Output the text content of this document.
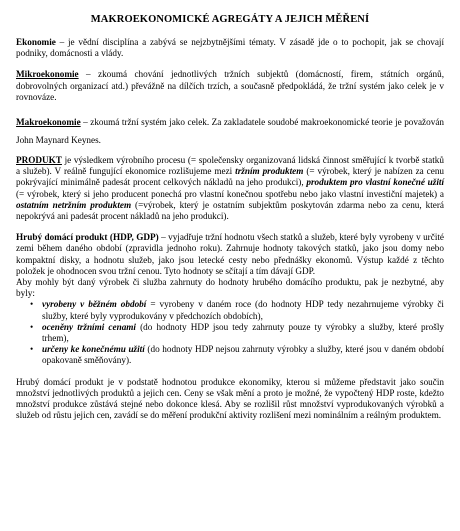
MAKROEKONOMICKÉ AGREGÁTY A JEJICH MĚŘENÍ

Ekonomie – je vědní disciplína a zabývá se nejzbytnějšími tématy. V zásadě jde o to pochopit, jak se chovají podniky, domácnosti a vlády.

Mikroekonomie – zkoumá chování jednotlivých tržních subjektů (domácností, firem, státních orgánů, dobrovolných organizací atd.) převážně na dílčích trzích, a současně předpokládá, že tržní systém jako celek je v rovnováze.

Makroekonomie – zkoumá tržní systém jako celek. Za zakladatele soudobé makroekonomické teorie je považován John Maynard Keynes.

PRODUKT je výsledkem výrobního procesu (= společensky organizovaná lidská činnost směřující k tvorbě statků a služeb). V reálně fungující ekonomice rozlišujeme mezi tržním produktem (= výrobek, který je nabízen za cenu pokrývající minimálně padesát procent celkových nákladů na jeho produkci), produktem pro vlastní konečné užití (= výrobek, který si jeho producent ponechá pro vlastní konečnou spotřebu nebo jako vlastní investiční majetek) a ostatním netržním produktem (=výrobek, který je ostatním subjektům poskytován zdarma nebo za cenu, která nepokrývá ani padesát procent nákladů na jeho produkci).

Hrubý domácí produkt (HDP, GDP) – vyjadřuje tržní hodnotu všech statků a služeb, které byly vyrobeny v určité zemi během daného období (zpravidla jednoho roku). Zahrnuje hodnoty takových statků, jako jsou domy nebo kompaktní disky, a hodnotu služeb, jako jsou letecké cesty nebo přednášky ekonomů. Výstup každé z těchto položek je ohodnocen svou tržní cenou. Tyto hodnoty se sčítají a tím dávají GDP.

Aby mohly být daný výrobek či služba zahrnuty do hodnoty hrubého domácího produktu, pak je nezbytné, aby byly:

• vyrobeny v běžném období = vyrobeny v daném roce (do hodnoty HDP tedy nezahrnujeme výrobky či služby, které byly vyprodukovány v předchozích obdobích),
• oceněny tržními cenami (do hodnoty HDP jsou tedy zahrnuty pouze ty výrobky a služby, které prošly trhem),
• určeny ke konečnému užití (do hodnoty HDP nejsou zahrnuty výrobky a služby, které jsou v daném období opakovaně směňovány).

Hrubý domácí produkt je v podstatě hodnotou produkce ekonomiky, kterou si můžeme představit jako součin množství jednotlivých produktů a jejich cen. Ceny se však mění a proto je možné, že vypočtený HDP roste, kdežto množství produkce zůstává stejné nebo dokonce klesá. Aby se rozlišil růst množství vyprodukovaných výrobků a služeb od růstu jejich cen, zavádí se do měření produkční aktivity rozlišení mezi nominálním a reálným produktem.
